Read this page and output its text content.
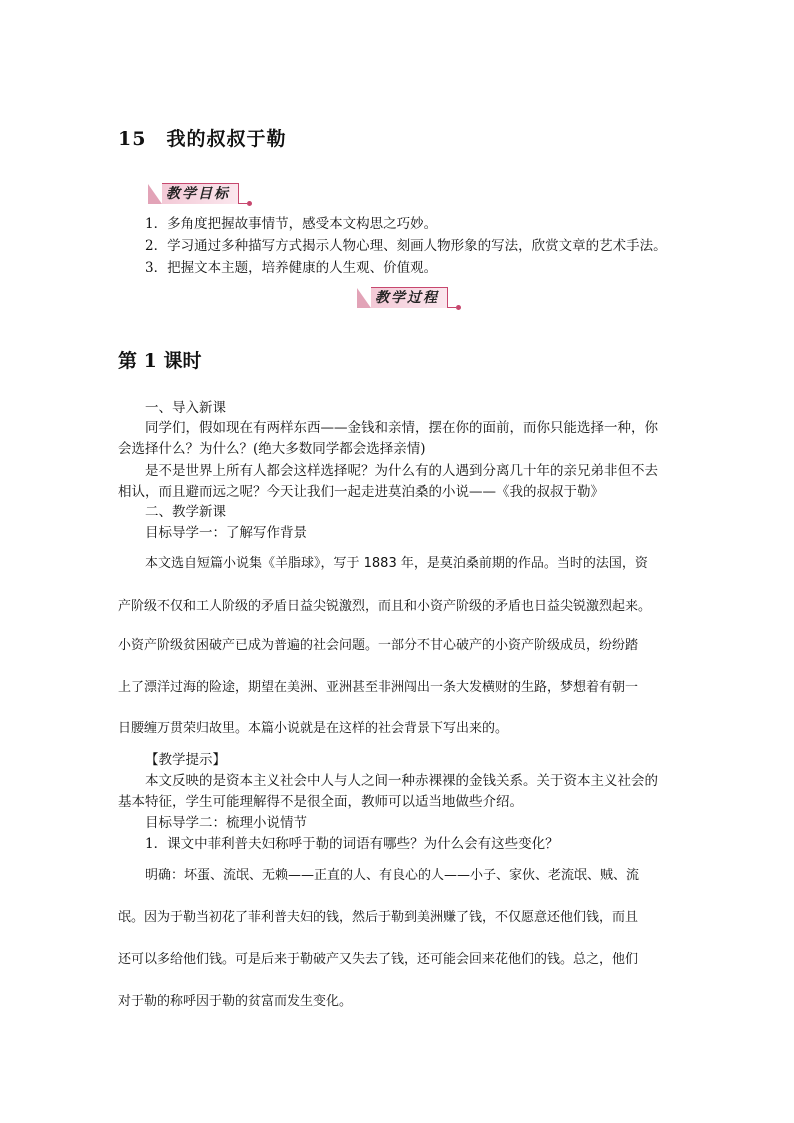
15 我的叔叔于勒
教学目标
1．多角度把握故事情节，感受本文构思之巧妙。
2．学习通过多种描写方式揭示人物心理、刻画人物形象的写法，欣赏文章的艺术手法。
3．把握文本主题，培养健康的人生观、价值观。
教学过程
第 1 课时
一、导入新课
同学们，假如现在有两样东西——金钱和亲情，摆在你的面前，而你只能选择一种，你
会选择什么？为什么？(绝大多数同学都会选择亲情)
是不是世界上所有人都会这样选择呢？为什么有的人遇到分离几十年的亲兄弟非但不去
相认，而且避而远之呢？今天让我们一起走进莫泊桑的小说——《我的叔叔于勒》
二、教学新课
目标导学一：了解写作背景
本文选自短篇小说集《羊脂球》，写于 1883 年，是莫泊桑前期的作品。当时的法国，资
产阶级不仅和工人阶级的矛盾日益尖锐激烈，而且和小资产阶级的矛盾也日益尖锐激烈起来。
小资产阶级贫困破产已成为普遍的社会问题。一部分不甘心破产的小资产阶级成员，纷纷踏
上了漂洋过海的险途，期望在美洲、亚洲甚至非洲闯出一条大发横财的生路，梦想着有朝一
日腰缠万贯荣归故里。本篇小说就是在这样的社会背景下写出来的。
【教学提示】
本文反映的是资本主义社会中人与人之间一种赤裸裸的金钱关系。关于资本主义社会的
基本特征，学生可能理解得不是很全面，教师可以适当地做些介绍。
目标导学二：梳理小说情节
1．课文中菲利普夫妇称呼于勒的词语有哪些？为什么会有这些变化？
明确：坏蛋、流氓、无赖——正直的人、有良心的人——小子、家伙、老流氓、贼、流
氓。因为于勒当初花了菲利普夫妇的钱，然后于勒到美洲赚了钱，不仅愿意还他们钱，而且
还可以多给他们钱。可是后来于勒破产又失去了钱，还可能会回来花他们的钱。总之，他们
对于勒的称呼因于勒的贫富而发生变化。
